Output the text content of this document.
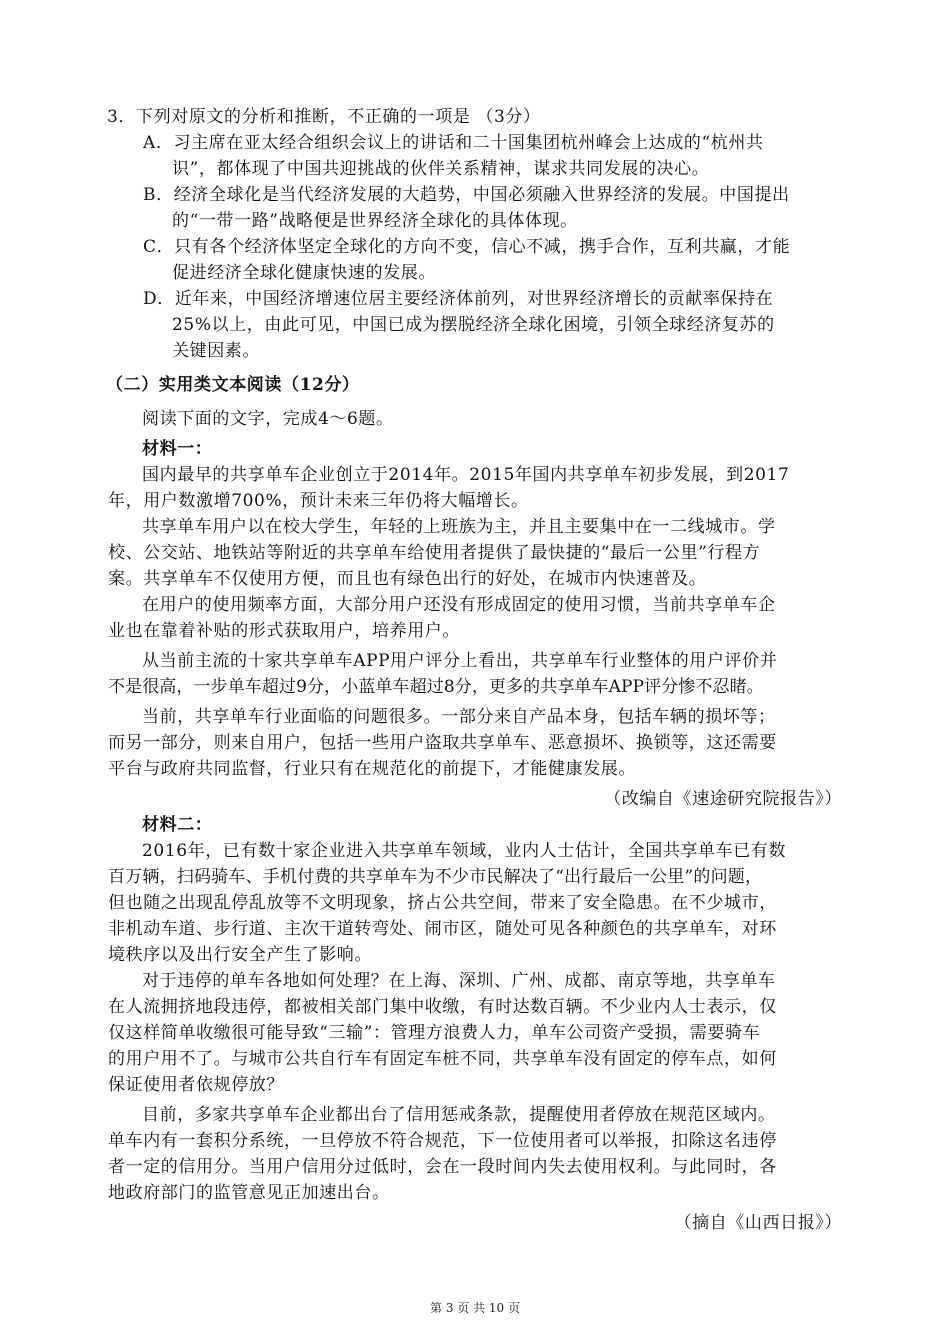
3．下列对原文的分析和推断，不正确的一项是 （3分）

A．习主席在亚太经合组织会议上的讲话和二十国集团杭州峰会上达成的“杭州共

识”，都体现了中国共迎挑战的伙伴关系精神，谋求共同发展的决心。

B．经济全球化是当代经济发展的大趋势，中国必须融入世界经济的发展。中国提出

的“一带一路”战略便是世界经济全球化的具体体现。

C．只有各个经济体坚定全球化的方向不变，信心不减，携手合作，互利共赢，才能

促进经济全球化健康快速的发展。

D．近年来，中国经济增速位居主要经济体前列，对世界经济增长的贡献率保持在

25%以上，由此可见，中国已成为摆脱经济全球化困境，引领全球经济复苏的

关键因素。

（二）实用类文本阅读（12分）

阅读下面的文字，完成4～6题。

材料一：

国内最早的共享单车企业创立于2014年。2015年国内共享单车初步发展，到2017

年，用户数激增700%，预计未来三年仍将大幅增长。

共享单车用户以在校大学生，年轻的上班族为主，并且主要集中在一二线城市。学

校、公交站、地铁站等附近的共享单车给使用者提供了最快捷的“最后一公里”行程方

案。共享单车不仅使用方便，而且也有绿色出行的好处，在城市内快速普及。

在用户的使用频率方面，大部分用户还没有形成固定的使用习惯，当前共享单车企

业也在靠着补贴的形式获取用户，培养用户。

从当前主流的十家共享单车APP用户评分上看出，共享单车行业整体的用户评价并

不是很高，一步单车超过9分，小蓝单车超过8分，更多的共享单车APP评分惨不忍睹。

当前，共享单车行业面临的问题很多。一部分来自产品本身，包括车辆的损坏等；

而另一部分，则来自用户，包括一些用户盗取共享单车、恶意损坏、换锁等，这还需要

平台与政府共同监督，行业只有在规范化的前提下，才能健康发展。

（改编自《速途研究院报告》）

材料二：

2016年，已有数十家企业进入共享单车领域，业内人士估计，全国共享单车已有数

百万辆，扫码骑车、手机付费的共享单车为不少市民解决了“出行最后一公里”的问题，

但也随之出现乱停乱放等不文明现象，挤占公共空间，带来了安全隐患。在不少城市，

非机动车道、步行道、主次干道转弯处、闹市区，随处可见各种颜色的共享单车，对环

境秩序以及出行安全产生了影响。

对于违停的单车各地如何处理？在上海、深圳、广州、成都、南京等地，共享单车

在人流拥挤地段违停，都被相关部门集中收缴，有时达数百辆。不少业内人士表示，仅

仅这样简单收缴很可能导致“三输”：管理方浪费人力，单车公司资产受损，需要骑车

的用户用不了。与城市公共自行车有固定车桩不同，共享单车没有固定的停车点，如何

保证使用者依规停放？

目前，多家共享单车企业都出台了信用惩戒条款，提醒使用者停放在规范区域内。

单车内有一套积分系统，一旦停放不符合规范，下一位使用者可以举报，扣除这名违停

者一定的信用分。当用户信用分过低时，会在一段时间内失去使用权利。与此同时，各

地政府部门的监管意见正加速出台。

（摘自《山西日报》）

第 3 页 共 10 页
